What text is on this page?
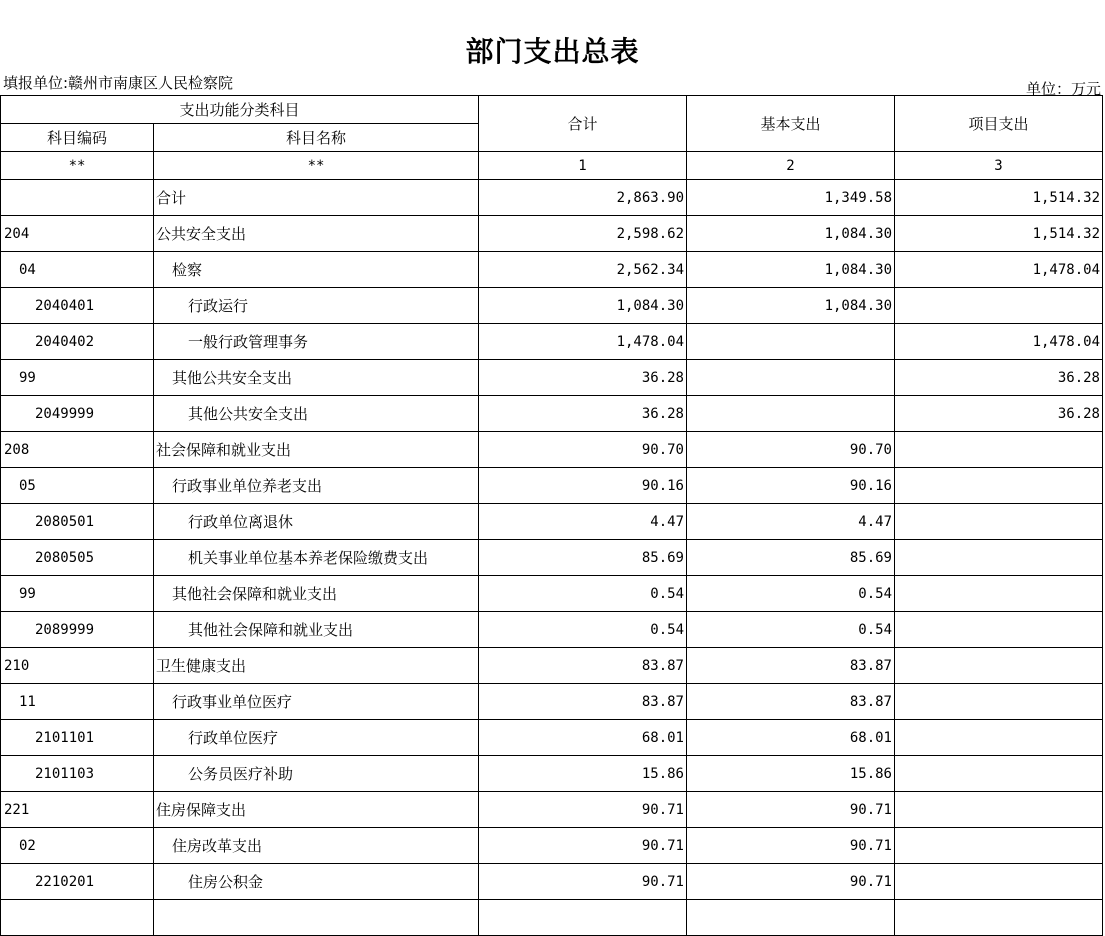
部门支出总表
填报单位:赣州市南康区人民检察院	单位：万元
支出功能分类科目		合计	基本支出	项目支出
科目编码	科目名称			
**	**	1	2	3
	合计	2,863.90	1,349.58	1,514.32
204	公共安全支出	2,598.62	1,084.30	1,514.32
04	检察	2,562.34	1,084.30	1,478.04
2040401	行政运行	1,084.30	1,084.30	
2040402	一般行政管理事务	1,478.04		1,478.04
99	其他公共安全支出	36.28		36.28
2049999	其他公共安全支出	36.28		36.28
208	社会保障和就业支出	90.70	90.70	
05	行政事业单位养老支出	90.16	90.16	
2080501	行政单位离退休	4.47	4.47	
2080505	机关事业单位基本养老保险缴费支出	85.69	85.69	
99	其他社会保障和就业支出	0.54	0.54	
2089999	其他社会保障和就业支出	0.54	0.54	
210	卫生健康支出	83.87	83.87	
11	行政事业单位医疗	83.87	83.87	
2101101	行政单位医疗	68.01	68.01	
2101103	公务员医疗补助	15.86	15.86	
221	住房保障支出	90.71	90.71	
02	住房改革支出	90.71	90.71	
2210201	住房公积金	90.71	90.71	
